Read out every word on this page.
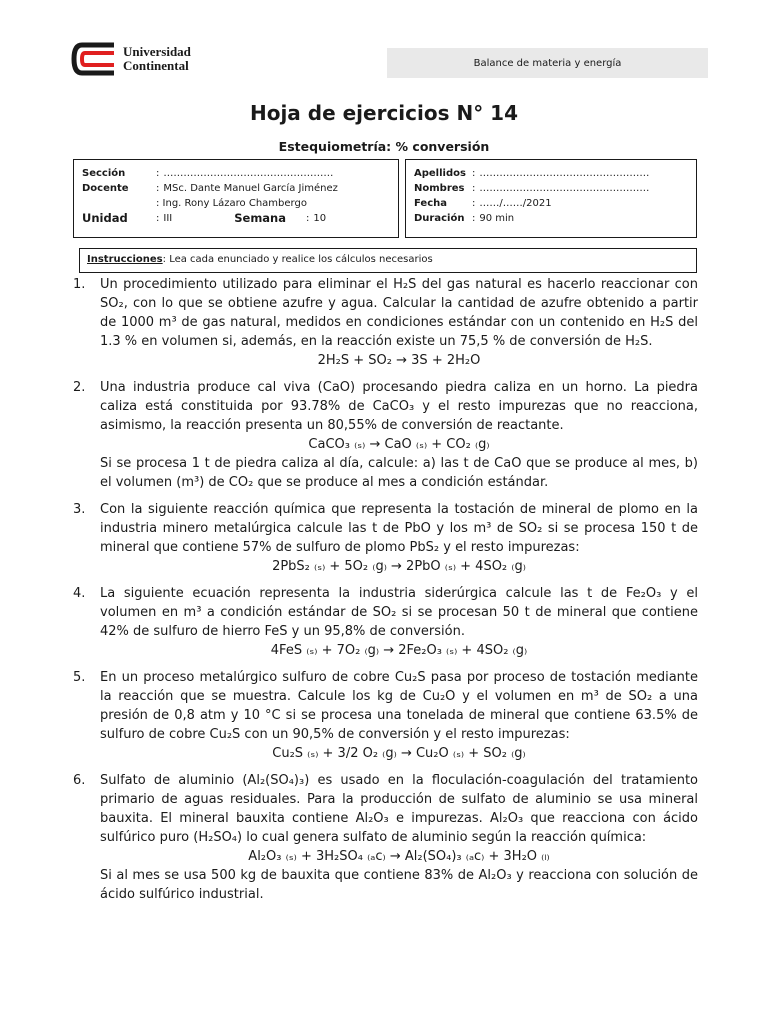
Universidad
Continental	Balance de materia y energía
Hoja de ejercicios N° 14
Estequiometría: % conversión
Sección	: ……………………………………………
Docente	: MSc. Dante Manuel García Jiménez
: Ing. Rony Lázaro Chambergo
Unidad	: III	Semana : 10
Apellidos : ……………………………………………
Nombres : ……………………………………………
Fecha	: ……/……/2021
Duración : 90 min
Instrucciones: Lea cada enunciado y realice los cálculos necesarios
1.	Un procedimiento utilizado para eliminar el H₂S del gas natural es hacerlo reaccionar con SO₂, con lo que se obtiene azufre y agua. Calcular la cantidad de azufre obtenido a partir de 1000 m³ de gas natural, medidos en condiciones estándar con un contenido en H₂S del 1.3 % en volumen si, además, en la reacción existe un 75,5 % de conversión de H₂S.
2H₂S + SO₂ → 3S + 2H₂O
2.	Una industria produce cal viva (CaO) procesando piedra caliza en un horno. La piedra caliza está constituida por 93.78% de CaCO₃ y el resto impurezas que no reacciona, asimismo, la reacción presenta un 80,55% de conversión de reactante.
CaCO₃ ₍ₛ₎ → CaO ₍ₛ₎ + CO₂ ₍g₎
Si se procesa 1 t de piedra caliza al día, calcule: a) las t de CaO que se produce al mes, b) el volumen (m³) de CO₂ que se produce al mes a condición estándar.
3.	Con la siguiente reacción química que representa la tostación de mineral de plomo en la industria minero metalúrgica calcule las t de PbO y los m³ de SO₂ si se procesa 150 t de mineral que contiene 57% de sulfuro de plomo PbS₂ y el resto impurezas:
2PbS₂ ₍ₛ₎ + 5O₂ ₍g₎ → 2PbO ₍ₛ₎ + 4SO₂ ₍g₎
4.	La siguiente ecuación representa la industria siderúrgica calcule las t de Fe₂O₃ y el volumen en m³ a condición estándar de SO₂ si se procesan 50 t de mineral que contiene 42% de sulfuro de hierro FeS y un 95,8% de conversión.
4FeS ₍ₛ₎ + 7O₂ ₍g₎ → 2Fe₂O₃ ₍ₛ₎ + 4SO₂ ₍g₎
5.	En un proceso metalúrgico sulfuro de cobre Cu₂S pasa por proceso de tostación mediante la reacción que se muestra. Calcule los kg de Cu₂O y el volumen en m³ de SO₂ a una presión de 0,8 atm y 10 °C si se procesa una tonelada de mineral que contiene 63.5% de sulfuro de cobre Cu₂S con un 90,5% de conversión y el resto impurezas:
Cu₂S ₍ₛ₎ + 3/2 O₂ ₍g₎ → Cu₂O ₍ₛ₎ + SO₂ ₍g₎
6.	Sulfato de aluminio (Al₂(SO₄)₃) es usado en la floculación-coagulación del tratamiento primario de aguas residuales. Para la producción de sulfato de aluminio se usa mineral bauxita. El mineral bauxita contiene Al₂O₃ e impurezas. Al₂O₃ que reacciona con ácido sulfúrico puro (H₂SO₄) lo cual genera sulfato de aluminio según la reacción química:
Al₂O₃ ₍ₛ₎ + 3H₂SO₄ ₍ₐc₎ → Al₂(SO₄)₃ ₍ₐc₎ + 3H₂O ₍ₗ₎
Si al mes se usa 500 kg de bauxita que contiene 83% de Al₂O₃ y reacciona con solución de ácido sulfúrico industrial.
